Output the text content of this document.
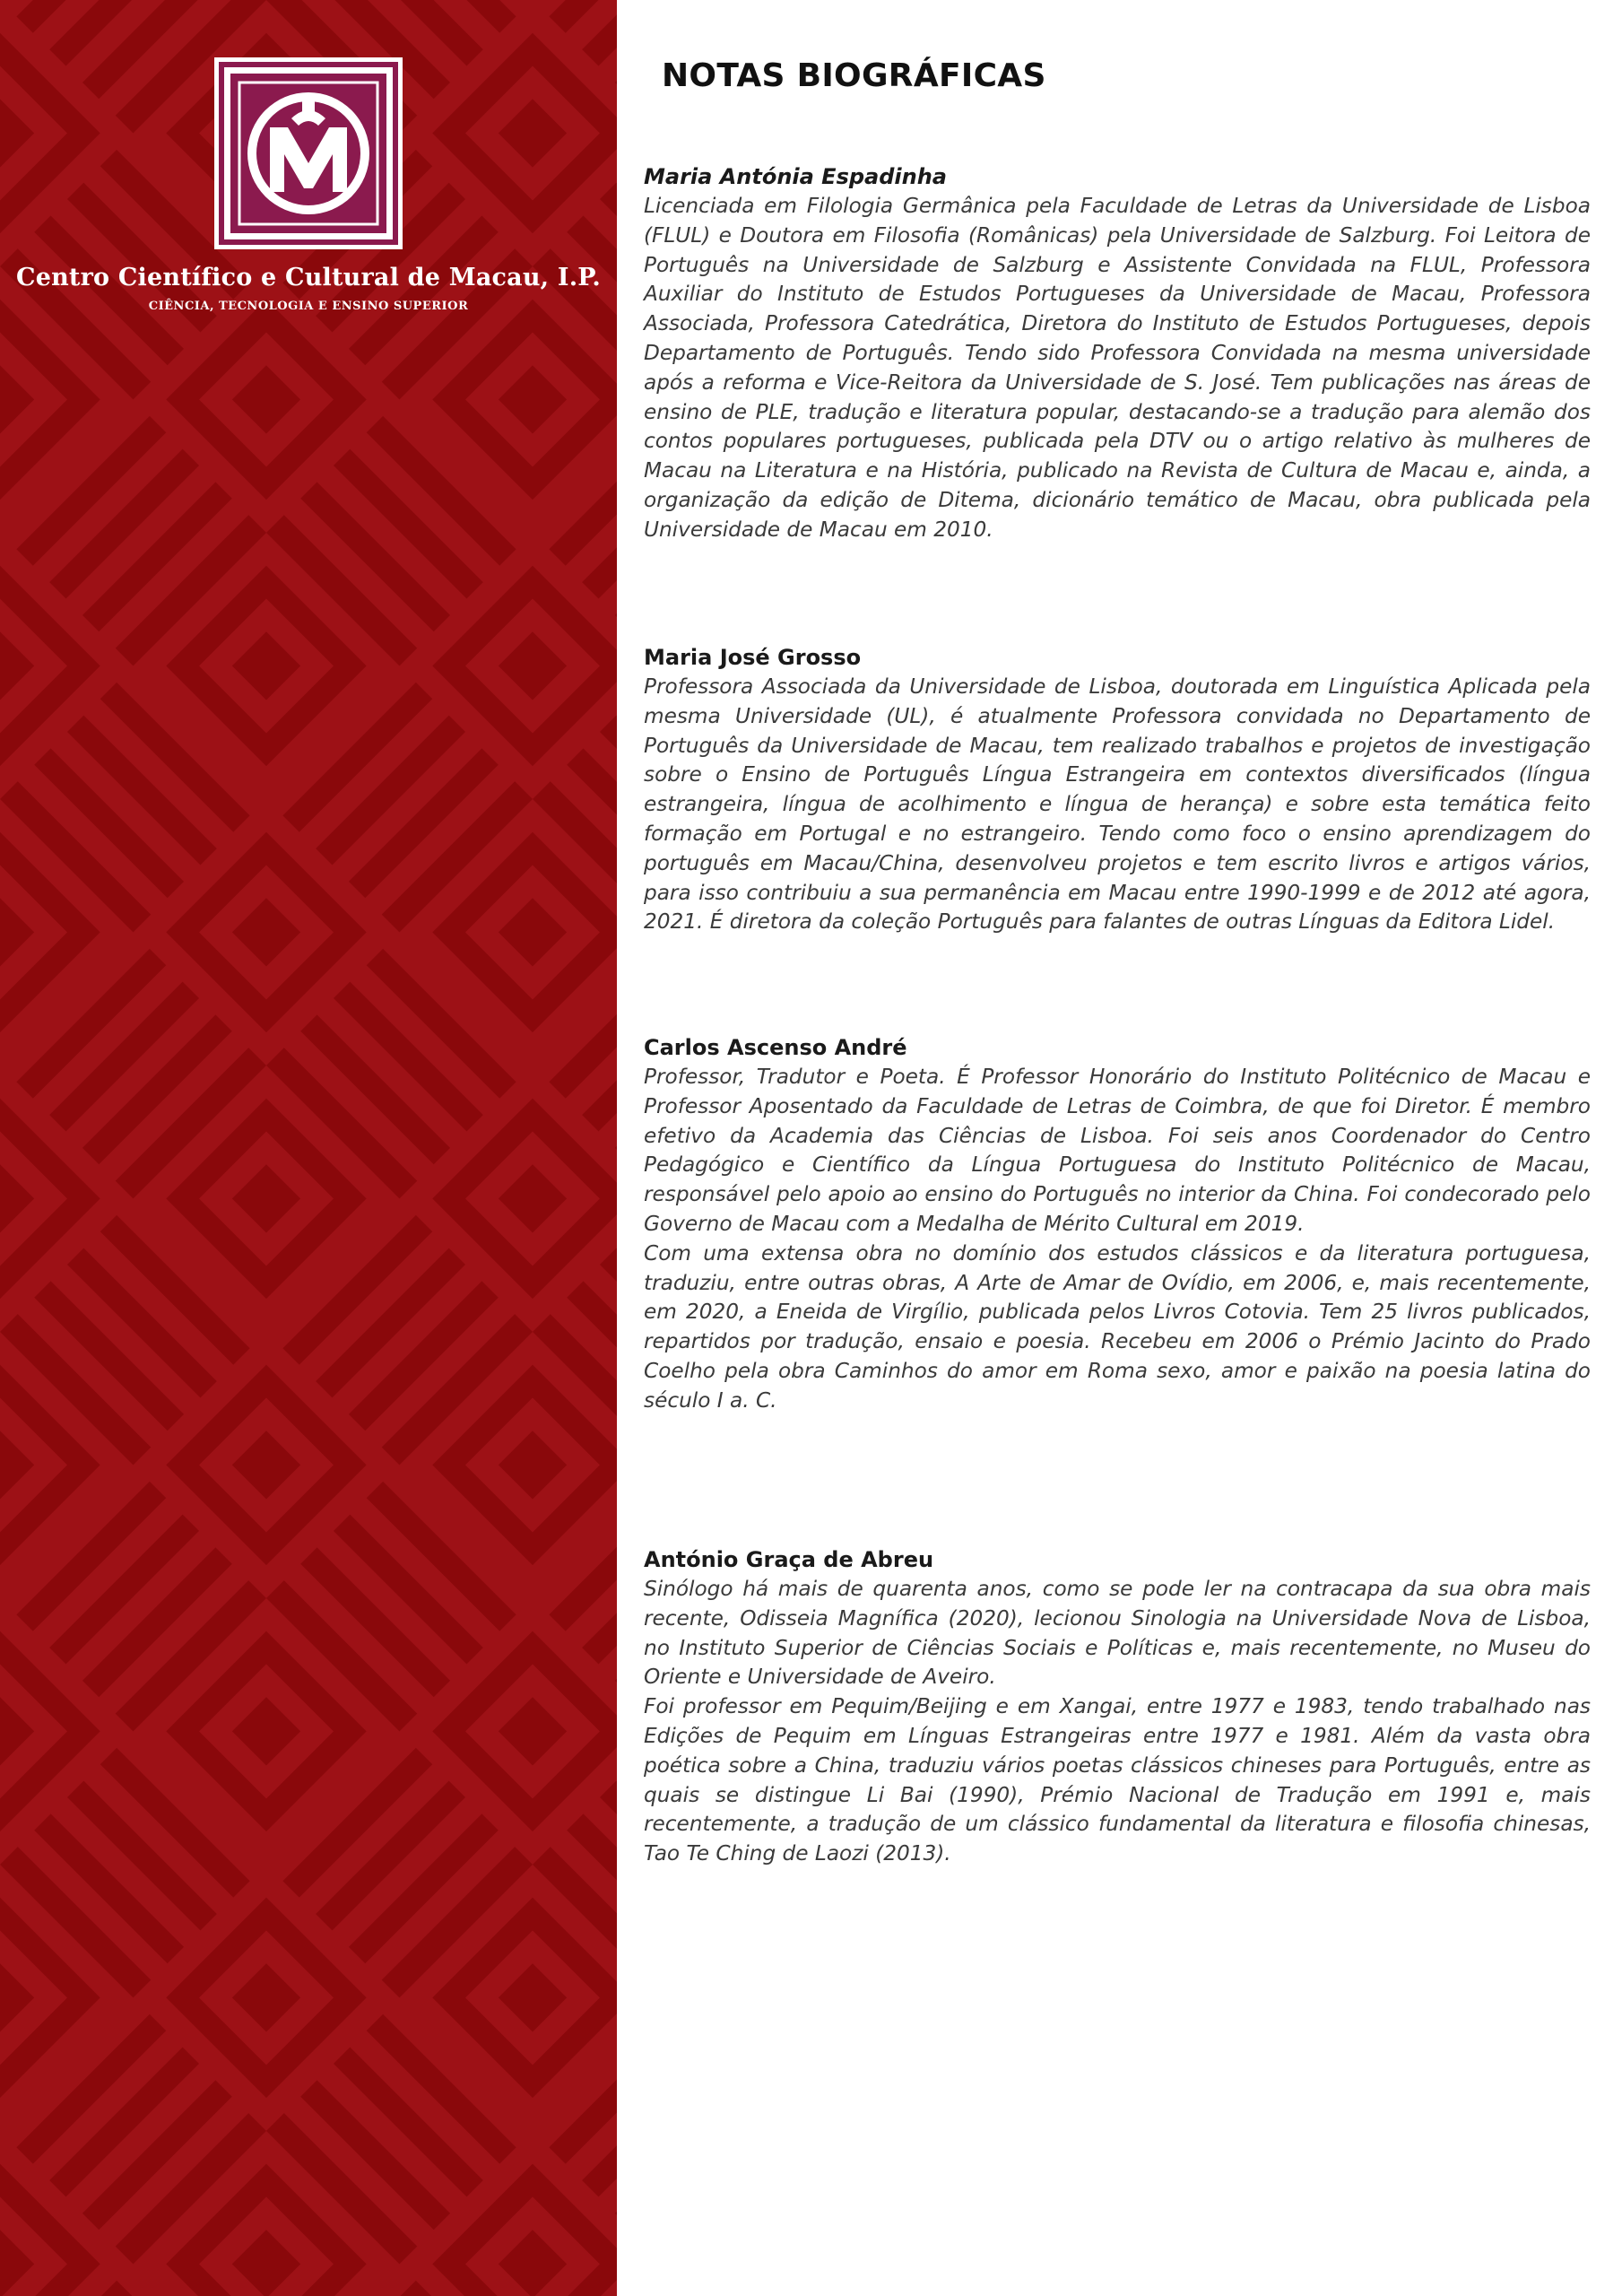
Centro Científico e Cultural de Macau, I.P.
CIÊNCIA, TECNOLOGIA E ENSINO SUPERIOR
NOTAS BIOGRÁFICAS

Maria Antónia Espadinha

Licenciada em Filologia Germânica pela Faculdade de Letras da Universidade de Lisboa (FLUL) e Doutora em Filosofia (Românicas) pela Universidade de Salzburg. Foi Leitora de Português na Universidade de Salzburg e Assistente Convidada na FLUL, Professora Auxiliar do Instituto de Estudos Portugueses da Universidade de Macau, Professora Associada, Professora Catedrática, Diretora do Instituto de Estudos Portugueses, depois Departamento de Português. Tendo sido Professora Convidada na mesma universidade após a reforma e Vice-Reitora da Universidade de S. José. Tem publicações nas áreas de ensino de PLE, tradução e literatura popular, destacando-se a tradução para alemão dos contos populares portugueses, publicada pela DTV ou o artigo relativo às mulheres de Macau na Literatura e na História, publicado na Revista de Cultura de Macau e, ainda, a organização da edição de Ditema, dicionário temático de Macau, obra publicada pela Universidade de Macau em 2010.

Maria José Grosso

Professora Associada da Universidade de Lisboa, doutorada em Linguística Aplicada pela mesma Universidade (UL), é atualmente Professora convidada no Departamento de Português da Universidade de Macau, tem realizado trabalhos e projetos de investigação sobre o Ensino de Português Língua Estrangeira em contextos diversificados (língua estrangeira, língua de acolhimento e língua de herança) e sobre esta temática feito formação em Portugal e no estrangeiro. Tendo como foco o ensino aprendizagem do português em Macau/China, desenvolveu projetos e tem escrito livros e artigos vários, para isso contribuiu a sua permanência em Macau entre 1990-1999 e de 2012 até agora, 2021. É diretora da coleção Português para falantes de outras Línguas da Editora Lidel.

Carlos Ascenso André

Professor, Tradutor e Poeta. É Professor Honorário do Instituto Politécnico de Macau e Professor Aposentado da Faculdade de Letras de Coimbra, de que foi Diretor. É membro efetivo da Academia das Ciências de Lisboa. Foi seis anos Coordenador do Centro Pedagógico e Científico da Língua Portuguesa do Instituto Politécnico de Macau, responsável pelo apoio ao ensino do Português no interior da China. Foi condecorado pelo Governo de Macau com a Medalha de Mérito Cultural em 2019.

Com uma extensa obra no domínio dos estudos clássicos e da literatura portuguesa, traduziu, entre outras obras, A Arte de Amar de Ovídio, em 2006, e, mais recentemente, em 2020, a Eneida de Virgílio, publicada pelos Livros Cotovia. Tem 25 livros publicados, repartidos por tradução, ensaio e poesia. Recebeu em 2006 o Prémio Jacinto do Prado Coelho pela obra Caminhos do amor em Roma sexo, amor e paixão na poesia latina do século I a. C.

António Graça de Abreu

Sinólogo há mais de quarenta anos, como se pode ler na contracapa da sua obra mais recente, Odisseia Magnífica (2020), lecionou Sinologia na Universidade Nova de Lisboa, no Instituto Superior de Ciências Sociais e Políticas e, mais recentemente, no Museu do Oriente e Universidade de Aveiro.

Foi professor em Pequim/Beijing e em Xangai, entre 1977 e 1983, tendo trabalhado nas Edições de Pequim em Línguas Estrangeiras entre 1977 e 1981. Além da vasta obra poética sobre a China, traduziu vários poetas clássicos chineses para Português, entre as quais se distingue Li Bai (1990), Prémio Nacional de Tradução em 1991 e, mais recentemente, a tradução de um clássico fundamental da literatura e filosofia chinesas, Tao Te Ching de Laozi (2013).
